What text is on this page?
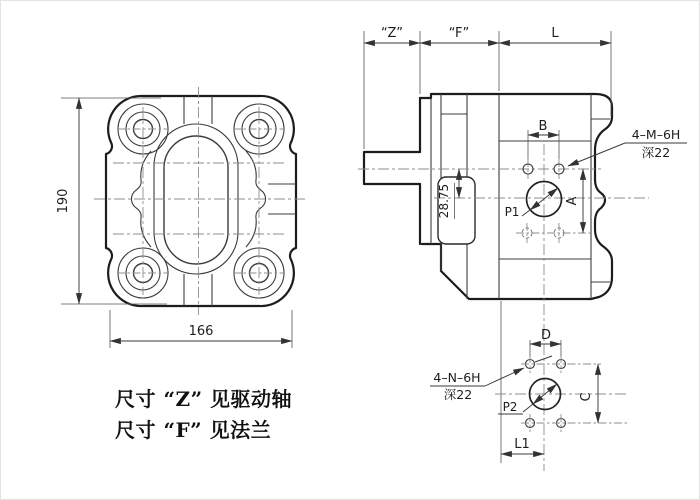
190
166
P1
“Z”	“F”	L
B
A
28.75
4–M–6H
深22
P2
D
C
L1
4–N–6H
深22
尺寸 “Z” 见驱动轴
尺寸 “F” 见法兰
